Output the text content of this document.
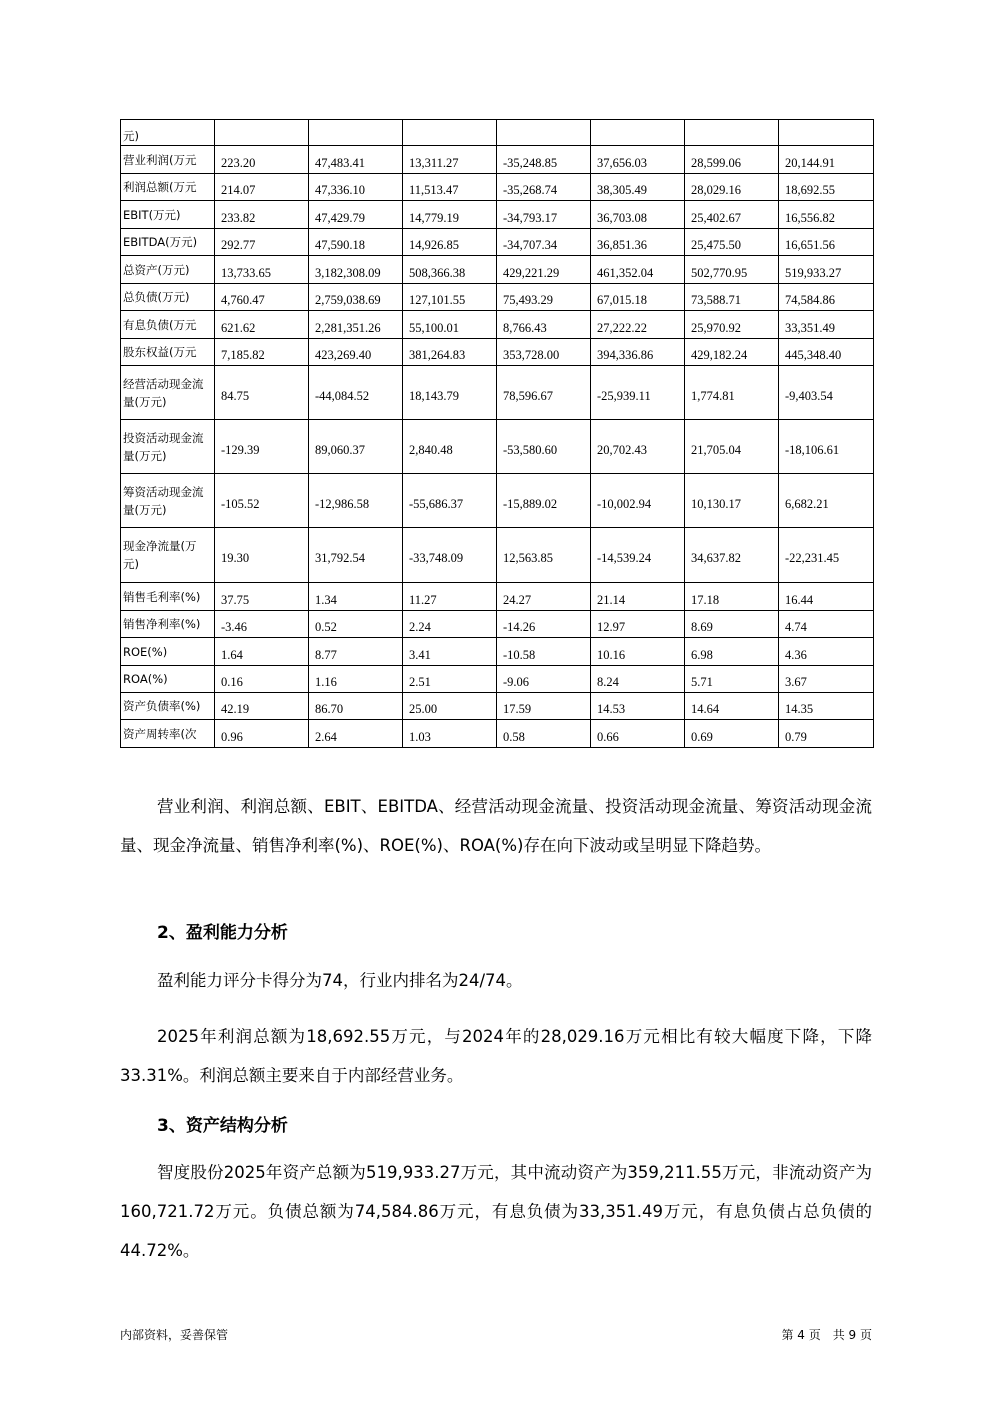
元)							
营业利润(万元	223.20	47,483.41	13,311.27	-35,248.85	37,656.03	28,599.06	20,144.91
利润总额(万元	214.07	47,336.10	11,513.47	-35,268.74	38,305.49	28,029.16	18,692.55
EBIT(万元)	233.82	47,429.79	14,779.19	-34,793.17	36,703.08	25,402.67	16,556.82
EBITDA(万元)	292.77	47,590.18	14,926.85	-34,707.34	36,851.36	25,475.50	16,651.56
总资产(万元)	13,733.65	3,182,308.09	508,366.38	429,221.29	461,352.04	502,770.95	519,933.27
总负债(万元)	4,760.47	2,759,038.69	127,101.55	75,493.29	67,015.18	73,588.71	74,584.86
有息负债(万元	621.62	2,281,351.26	55,100.01	8,766.43	27,222.22	25,970.92	33,351.49
股东权益(万元	7,185.82	423,269.40	381,264.83	353,728.00	394,336.86	429,182.24	445,348.40
经营活动现金流量(万元)	84.75	-44,084.52	18,143.79	78,596.67	-25,939.11	1,774.81	-9,403.54
投资活动现金流量(万元)	-129.39	89,060.37	2,840.48	-53,580.60	20,702.43	21,705.04	-18,106.61
筹资活动现金流量(万元)	-105.52	-12,986.58	-55,686.37	-15,889.02	-10,002.94	10,130.17	6,682.21
现金净流量(万元)	19.30	31,792.54	-33,748.09	12,563.85	-14,539.24	34,637.82	-22,231.45
销售毛利率(%)	37.75	1.34	11.27	24.27	21.14	17.18	16.44
销售净利率(%)	-3.46	0.52	2.24	-14.26	12.97	8.69	4.74
ROE(%)	1.64	8.77	3.41	-10.58	10.16	6.98	4.36
ROA(%)	0.16	1.16	2.51	-9.06	8.24	5.71	3.67
资产负债率(%)	42.19	86.70	25.00	17.59	14.53	14.64	14.35
资产周转率(次	0.96	2.64	1.03	0.58	0.66	0.69	0.79
营业利润、利润总额、EBIT、EBITDA、经营活动现金流量、投资活动现金流量、筹资活动现金流量、现金净流量、销售净利率(%)、ROE(%)、ROA(%)存在向下波动或呈明显下降趋势。
2、盈利能力分析
盈利能力评分卡得分为74，行业内排名为24/74。
2025年利润总额为18,692.55万元，与2024年的28,029.16万元相比有较大幅度下降，下降33.31%。利润总额主要来自于内部经营业务。
3、资产结构分析
智度股份2025年资产总额为519,933.27万元，其中流动资产为359,211.55万元，非流动资产为160,721.72万元。负债总额为74,584.86万元，有息负债为33,351.49万元，有息负债占总负债的44.72%。
内部资料，妥善保管	第 4 页　共 9 页
